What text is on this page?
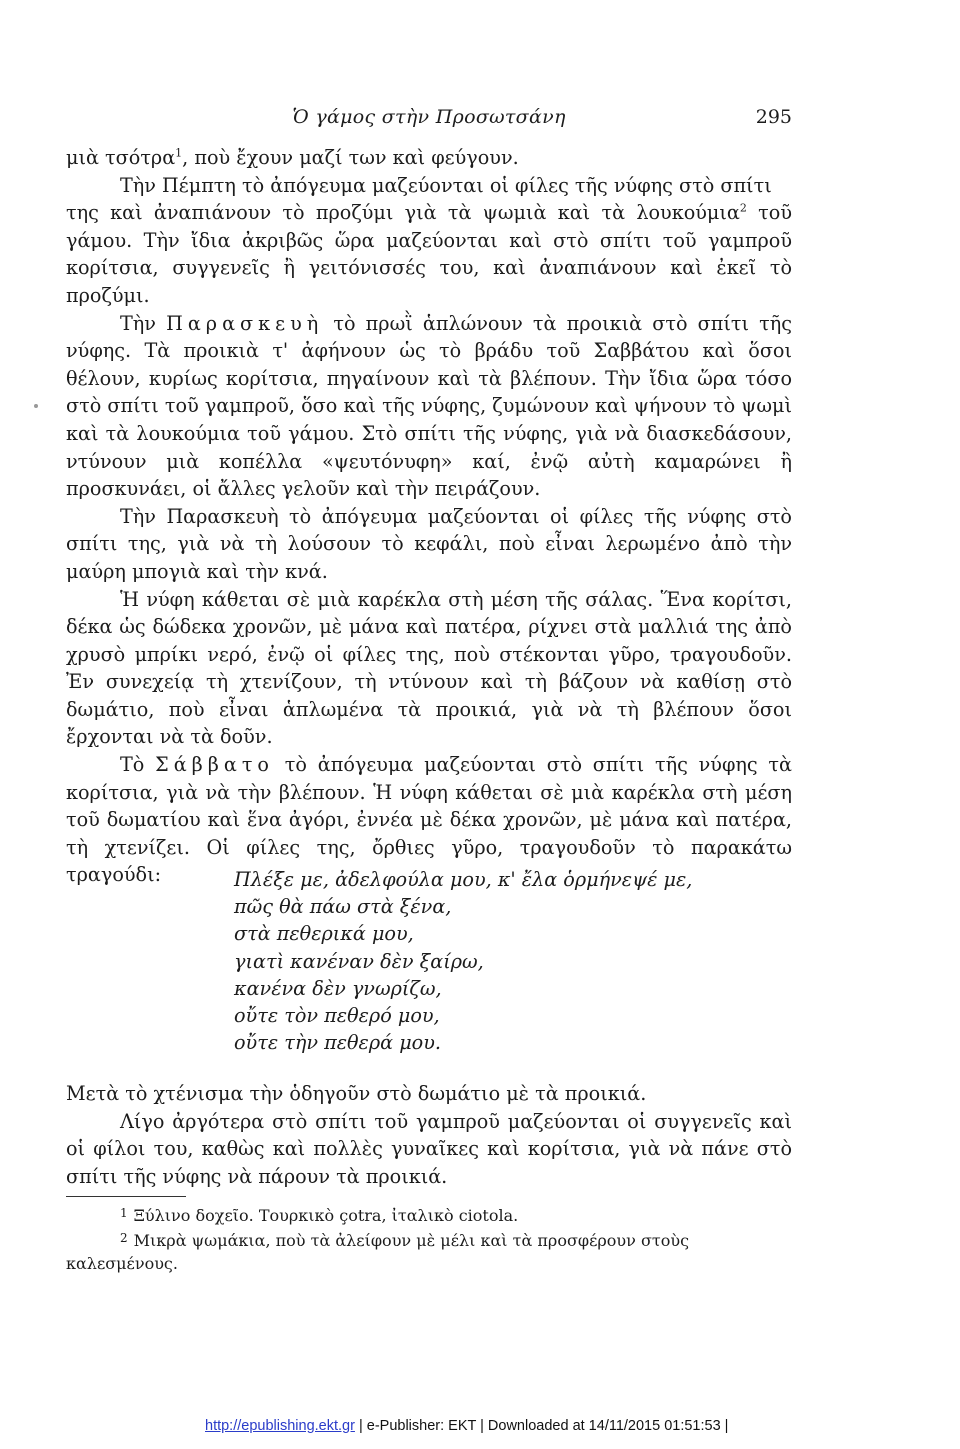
Ὁ γάμος στὴν Προσωτσάνη	295

μιὰ τσότρα$^1$, ποὺ ἔχουν μαζί των καὶ φεύγουν.

Τὴν Πέμπτη τὸ ἀπόγευμα μαζεύονται οἱ φίλες τῆς νύφης στὸ σπίτι

της καὶ ἀναπιάνουν τὸ προζύμι γιὰ τὰ ψωμιὰ καὶ τὰ λουκούμια$^2$ τοῦ γάμου. Τὴν ἴδια ἀκριβῶς ὥρα μαζεύονται καὶ στὸ σπίτι τοῦ γαμπροῦ κορίτσια, συγγενεῖς ἢ γειτόνισσές του, καὶ ἀναπιάνουν καὶ ἐκεῖ τὸ προζύμι.

Τὴν Παρασκευὴ τὸ πρωῒ ἁπλώνουν τὰ προικιὰ στὸ σπίτι τῆς νύφης. Τὰ προικιὰ τ' ἀφήνουν ὡς τὸ βράδυ τοῦ Σαββάτου καὶ ὅσοι θέλουν, κυρίως κορίτσια, πηγαίνουν καὶ τὰ βλέπουν. Τὴν ἴδια ὥρα τόσο στὸ σπίτι τοῦ γαμπροῦ, ὅσο καὶ τῆς νύφης, ζυμώνουν καὶ ψήνουν τὸ ψωμὶ καὶ τὰ λουκούμια τοῦ γάμου. Στὸ σπίτι τῆς νύφης, γιὰ νὰ διασκεδάσουν, ντύνουν μιὰ κοπέλλα «ψευτόνυφη» καί, ἐνῷ αὐτὴ καμαρώνει ἢ προσκυνάει, οἱ ἄλλες γελοῦν καὶ τὴν πειράζουν.

Τὴν Παρασκευὴ τὸ ἀπόγευμα μαζεύονται οἱ φίλες τῆς νύφης στὸ σπίτι της, γιὰ νὰ τὴ λούσουν τὸ κεφάλι, ποὺ εἶναι λερωμένο ἀπὸ τὴν μαύρη μπογιὰ καὶ τὴν κνά.

Ἡ νύφη κάθεται σὲ μιὰ καρέκλα στὴ μέση τῆς σάλας. Ἕνα κορίτσι, δέκα ὡς δώδεκα χρονῶν, μὲ μάνα καὶ πατέρα, ρίχνει στὰ μαλλιά της ἀπὸ χρυσὸ μπρίκι νερό, ἐνῷ οἱ φίλες της, ποὺ στέκονται γῦρο, τραγουδοῦν. Ἐν συνεχείᾳ τὴ χτενίζουν, τὴ ντύνουν καὶ τὴ βάζουν νὰ καθίσῃ στὸ δωμάτιο, ποὺ εἶναι ἁπλωμένα τὰ προικιά, γιὰ νὰ τὴ βλέπουν ὅσοι ἔρχονται νὰ τὰ δοῦν.

Τὸ Σάββατο τὸ ἀπόγευμα μαζεύονται στὸ σπίτι τῆς νύφης τὰ κορίτσια, γιὰ νὰ τὴν βλέπουν. Ἡ νύφη κάθεται σὲ μιὰ καρέκλα στὴ μέση τοῦ δωματίου καὶ ἕνα ἀγόρι, ἐννέα μὲ δέκα χρονῶν, μὲ μάνα καὶ πατέρα, τὴ χτενίζει. Οἱ φίλες της, ὄρθιες γῦρο, τραγουδοῦν τὸ παρακάτω τραγούδι:	Πλέξε με, ἀδελφούλα μου, κ' ἔλα ὁρμήνεψέ με,
πῶς θὰ πάω στὰ ξένα,
στὰ πεθερικά μου,
γιατὶ κανέναν δὲν ξαίρω,
κανένα δὲν γνωρίζω,
οὔτε τὸν πεθερό μου,
οὔτε τὴν πεθερά μου.

Μετὰ τὸ χτένισμα τὴν ὁδηγοῦν στὸ δωμάτιο μὲ τὰ προικιά.

Λίγο ἀργότερα στὸ σπίτι τοῦ γαμπροῦ μαζεύονται οἱ συγγενεῖς καὶ οἱ φίλοι του, καθὼς καὶ πολλὲς γυναῖκες καὶ κορίτσια, γιὰ νὰ πάνε στὸ σπίτι τῆς νύφης νὰ πάρουν τὰ προικιά.

$^1$ Ξύλινο δοχεῖο. Τουρκικὸ çotra, ἰταλικὸ ciotola.

$^2$ Μικρὰ ψωμάκια, ποὺ τὰ ἀλείφουν μὲ μέλι καὶ τὰ προσφέρουν στοὺς καλεσμένους.

http://epublishing.ekt.gr | e-Publisher: EKT | Downloaded at 14/11/2015 01:51:53 |
